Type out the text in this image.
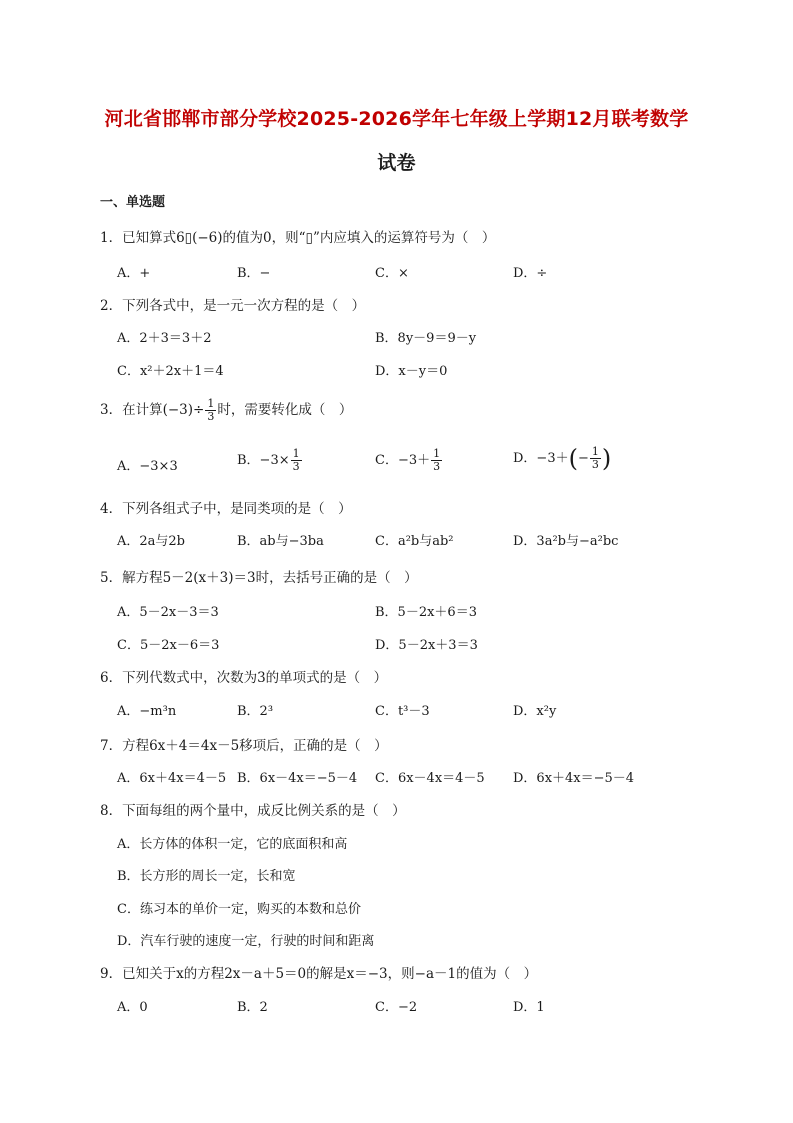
河北省邯郸市部分学校2025-2026学年七年级上学期12月联考数学
试卷
一、单选题
1．已知算式6▯(−6)的值为0，则“▯”内应填入的运算符号为（　）
A．+	B．−	C．×	D．÷
2．下列各式中，是一元一次方程的是（　）
A．2＋3＝3＋2	B．8y－9＝9－y
C．x²＋2x＋1＝4	D．x－y＝0
3．在计算$(-3)\div \frac{1}{3}$ 时，需要转化成（　）
A．−3×3	B．$-3\times \frac{1}{3}$	C．$-3+ \frac{1}{3}$	D．$-3+(- \frac{1}{3}$ )
4．下列各组式子中，是同类项的是（　）
A．2a与2b	B．ab与−3ba	C．a²b与ab²	D．3a²b与−a²bc
5．解方程5－2(x＋3)＝3时，去括号正确的是（　）
A．5－2x－3＝3	B．5－2x＋6＝3
C．5－2x－6＝3	D．5－2x＋3＝3
6．下列代数式中，次数为3的单项式的是（　）
A．−m³n	B．2³	C．t³－3	D．x²y
7．方程6x＋4＝4x－5移项后，正确的是（　）
A．6x＋4x＝4－5 B．6x－4x＝−5－4 C．6x－4x＝4－5 D．6x＋4x＝−5－4
8．下面每组的两个量中，成反比例关系的是（　）
A．长方体的体积一定，它的底面积和高
B．长方形的周长一定，长和宽
C．练习本的单价一定，购买的本数和总价
D．汽车行驶的速度一定，行驶的时间和距离
9．已知关于x的方程2x－a＋5＝0的解是x＝−3，则−a－1的值为（　）
A．0	B．2	C．−2	D．1
